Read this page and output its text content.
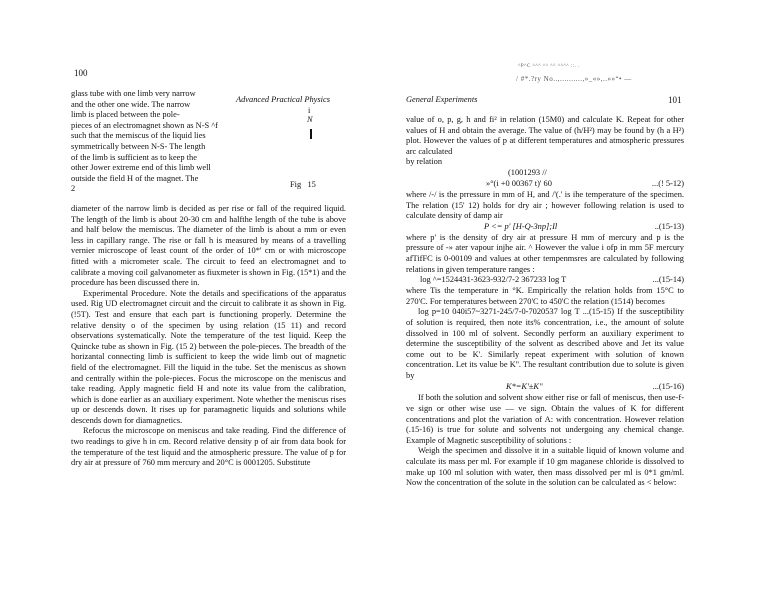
100
Advanced Practical Physics
i
N
Fig   15
glass tube with one limb very narrow
and the other one wide. The narrow
limb is placed between the pole-
pieces of an electromagnet shown as N-S ^f
such that the memiscus of the liquid lies
symmetrically between N-S- The length
of the limb is sufficient as to keep the
other Jower extreme end of this limb well
outside the field H of the magnet. The
2

diameter of the narrow limb is decided as per rise or fall of the required liquid. The length of the limb is about 20-30 cm and halfthe length of the tube is above and half below the memiscus. The diameter of the limb is about a mm or even less in capillary range. The rise or fall h is measured by means of a travelling vernier microscope of least count of the order of 10*' cm or with microscope fitted with a micrometer scale. The circuit to feed an electromagnet and to calibrate a moving coil galvanometer as fiuxmeter is shown in Fig. (15*1) and the procedure has been discussed there in.

Experimental Procedure. Note the details and specifications of the apparatus used. Rig UD electromagnet circuit and the circuit to calibrate it as shown in Fig. (!5T). Test and ensure that each part is functioning properly. Determine the relative density o of the specimen by using relation (15 11) and record observations systematically. Note the temperature of the test liquid. Keep the Quincke tube as shown in Fig. (15 2) between the pole-pieces. The breadth of the horizantal connecting limb is sufficient to keep the wide limb out of magnetic field of the electromagnet. Fill the liquid in the tube. Set the meniscus as shown and centrally within the pole-pieces. Focus the microscope on the meniscus and take reading. Apply magnetic field H and note its value from the calibration, which is done earlier as an auxiliary experiment. Note whether the meniscus rises up or descends down. It rises up for paramagnetic liquids and solutions while descends down for diamagnetics.

Refocus the microscope on meniscus and take reading. Find the difference of two readings to give h in cm. Record relative density p of air from data book for the temperature of the test liquid and the atmospheric pressure. The value of p for dry air at pressure of 760 mm mercury and 20°C is 0001205. Substitute

^P^C ^^^ ^^ ^^ ^^^^ ::. .
/ #*.?ry No..,..........,»_«»,..»»“• —
General Experiments	101

value of o, p, g, h and fi² in relation (15M0) and calculate K. Repeat for other values of H and obtain the average. The value of (h/H²) may be found by (h a H²) plot. However the values of p at different temperatures and atmospheric pressures arc calculated

by relation

(1001293 //
»°(i +0 00367 t)' 60	...(! 5-12)

where /-/ is the prressure in mm of H, and /'(.' is ihe temperature of the specimen. The relation (15' 12) holds for dry air ; however following relation is used to calculate density of damp air

P <= p' [H-Q-3np];Il	..(15-13)

where p' is the density of dry air at pressure H mm of mercury and p is the pressure of -» ater vapour injhe air. ^ However the value i ofp in mm 5F mercury afTifFC is 0-00109 and values at other tempenmsres are calculated by following relations in given temperature ranges :

log ^=1524431-3623-932/7-2 367233 log T	...(15-14)

where Tis the temperature in °K. Empirically the relation holds from 15°C to 270'C. For temperatures between 270'C to 450'C the relation (1514) becomes

log p=10 040i57~3271-245/7-0-7020537 log T ...(15-15) If the susceptibility of solution is required, then note its% concentration, i.e., the amount of solute dissolved in 100 ml of solvent. Secondly perform an auxiliary experiment to determine the susceptibility of the solvent as described above and Jet its value come out to be K'. Similarly repeat experiment with solution of known concentration. Let its value be K''. The resultant contribution due to solute is given by

K*=K'±K''	...(15-16)

If both the solution and solvent show either rise or fall of meniscus, then use-f-ve sign or other wise use — ve sign. Obtain the values of K for different concentrations and plot the variation of A: with concentration. However relation (.15-16) is true for solute and solvents not undergoing any chemical change. Example of Magnetic susceptibility of solutions :

Weigh the specimen and dissolve it in a suitable liquid of known volume and calculate its mass per ml. For example if 10 gm maganese chloride is dissolved to make up 100 ml solution with water, then mass dissolved per ml is 0*1 gm/ml. Now the concentration of the solute in the solution can be calculated as < below:
